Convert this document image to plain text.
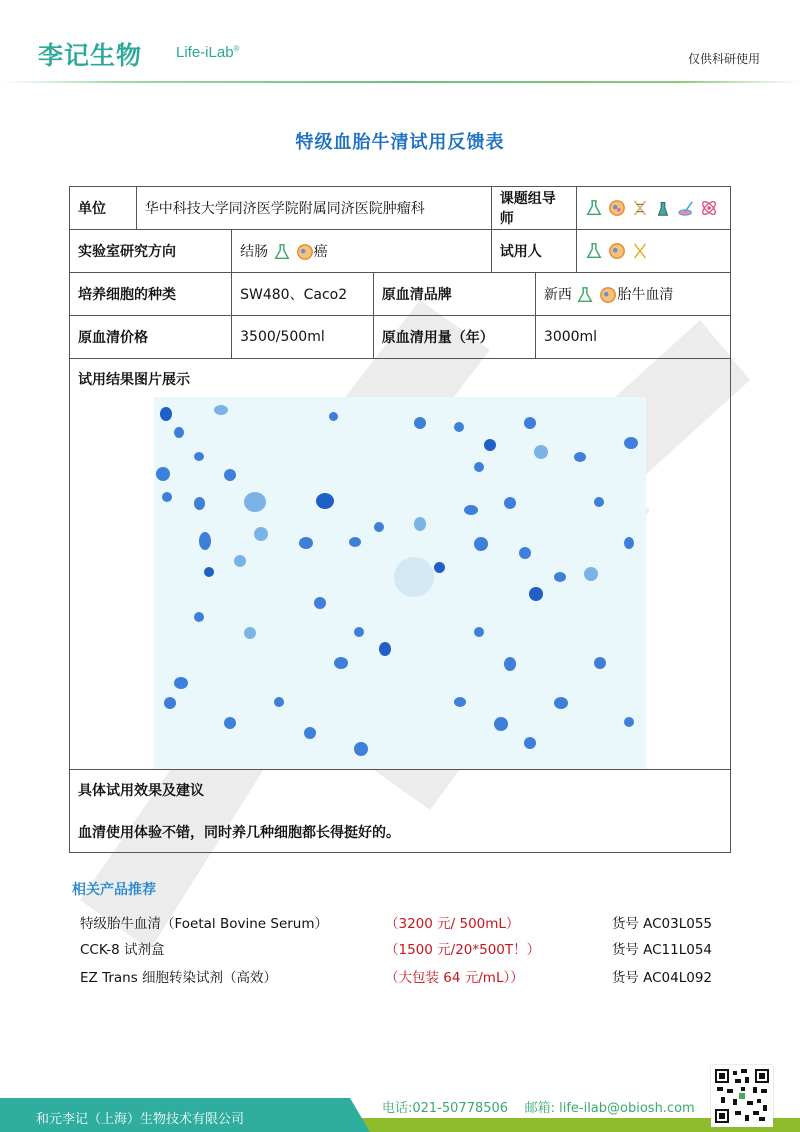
李记生物 Life-iLab®
仅供科研使用
特级血胎牛清试用反馈表
单位	华中科技大学同济医学院附属同济医院肿瘤科			课题组导师	

实验室研究方向		结肠 癌		试用人	

培养细胞的种类		SW480、Caco2	原血清品牌		新西 胎牛血清	
原血清价格		3500/500ml	原血清用量（年）		3000ml	

试用结果图片展示						

具体试用效果及建议
血清使用体验不错，同时养几种细胞都长得挺好的。						
相关产品推荐
特级胎牛血清（Foetal Bovine Serum）	（3200 元/ 500mL）	货号 AC03L055
CCK-8 试剂盒	（1500 元/20*500T！）	货号 AC11L054
EZ Trans 细胞转染试剂（高效）	（大包装 64 元/mL））	货号 AC04L092
和元李记（上海）生物技术有限公司
电话:021-50778506    邮箱: life-ilab@obiosh.com
